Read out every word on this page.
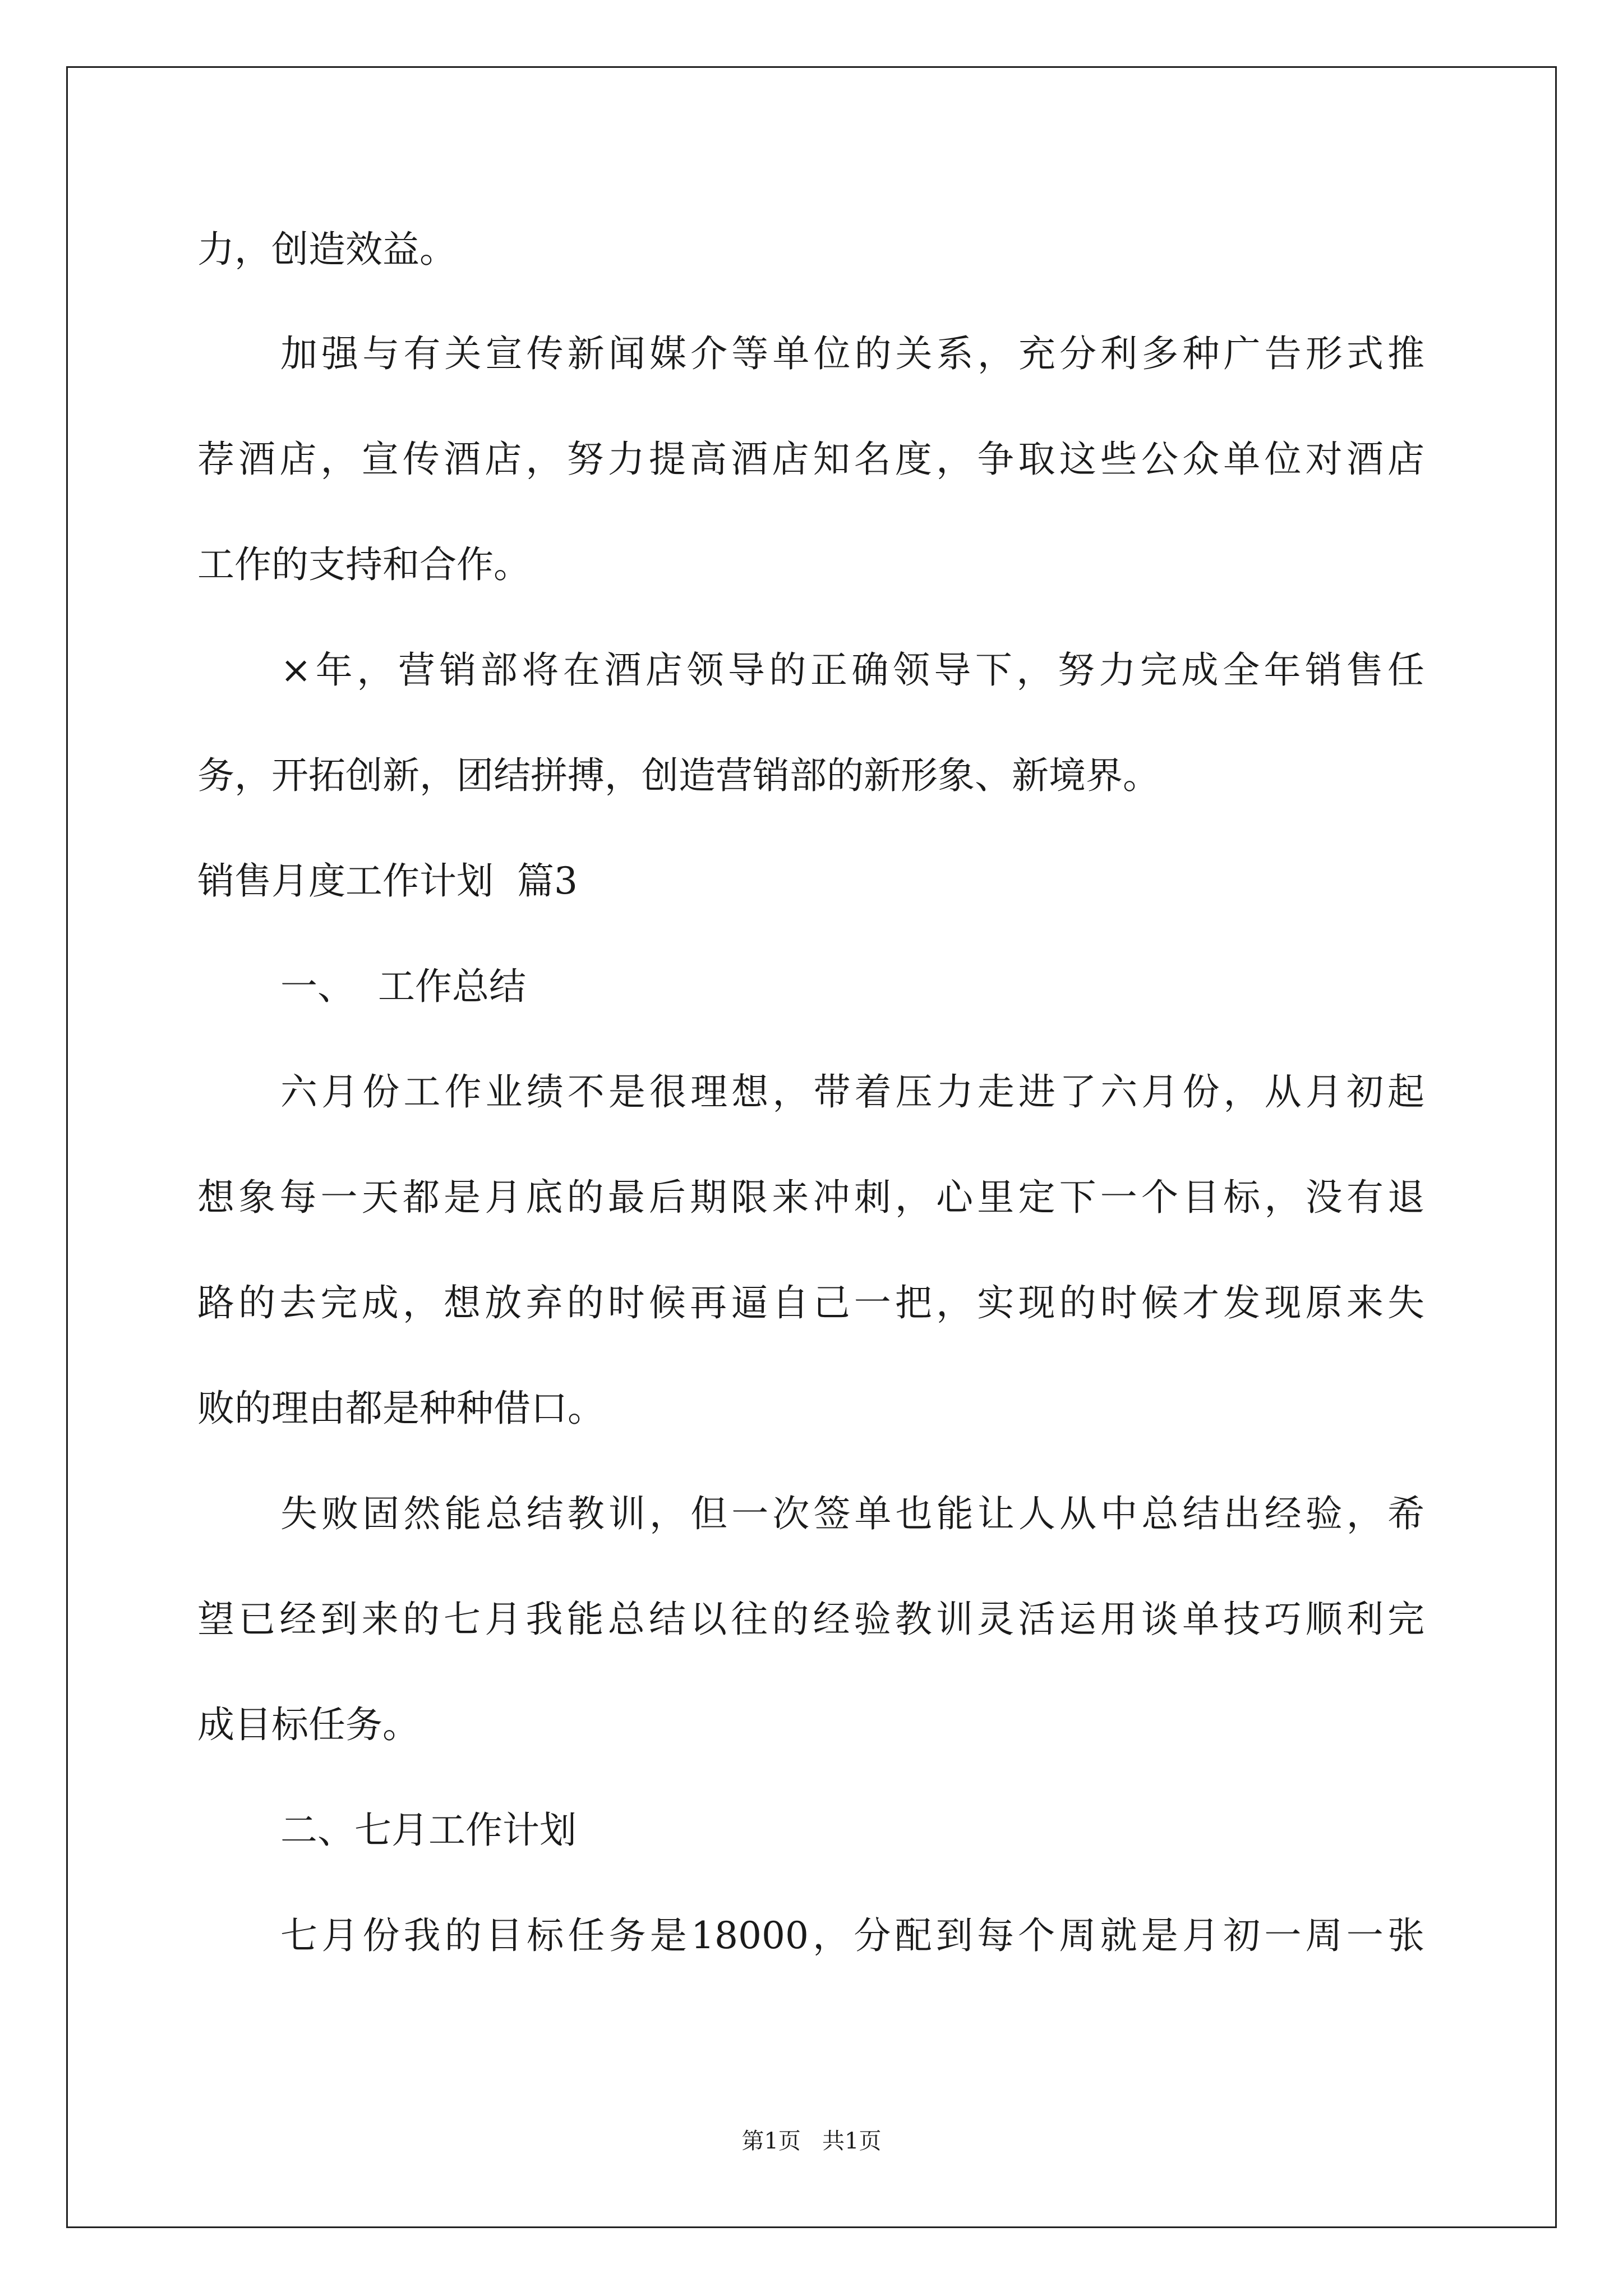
力，创造效益。
加强与有关宣传新闻媒介等单位的关系，充分利多种广告形式推
荐酒店，宣传酒店，努力提高酒店知名度，争取这些公众单位对酒店
工作的支持和合作。
×年，营销部将在酒店领导的正确领导下，努力完成全年销售任
务，开拓创新，团结拼搏，创造营销部的新形象、新境界。
销售月度工作计划  篇3
一、  工作总结
六月份工作业绩不是很理想，带着压力走进了六月份，从月初起
想象每一天都是月底的最后期限来冲刺，心里定下一个目标，没有退
路的去完成，想放弃的时候再逼自己一把，实现的时候才发现原来失
败的理由都是种种借口。
失败固然能总结教训，但一次签单也能让人从中总结出经验，希
望已经到来的七月我能总结以往的经验教训灵活运用谈单技巧顺利完
成目标任务。
二、七月工作计划
七月份我的目标任务是18000，分配到每个周就是月初一周一张
第1页   共1页
